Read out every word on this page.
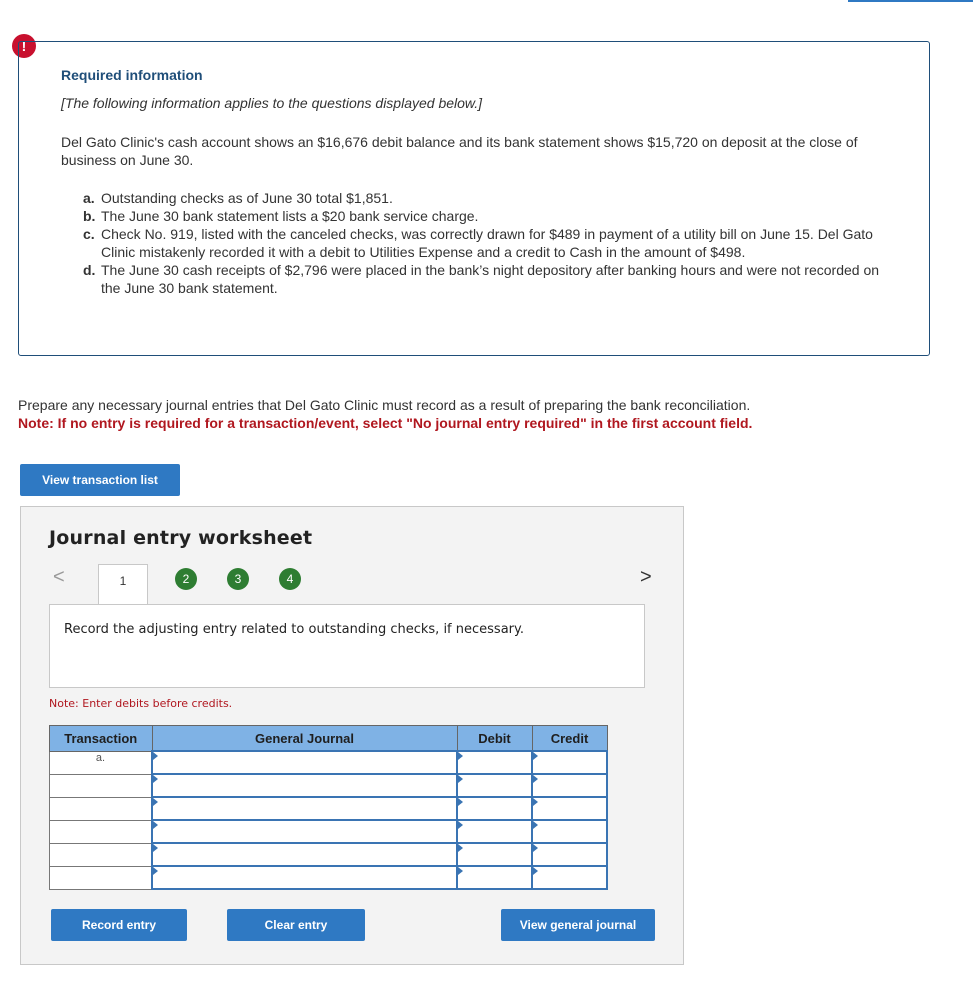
!
Required information
[The following information applies to the questions displayed below.]
Del Gato Clinic's cash account shows an $16,676 debit balance and its bank statement shows $15,720 on deposit at the close of business on June 30.
a. Outstanding checks as of June 30 total $1,851.
b. The June 30 bank statement lists a $20 bank service charge.
c. Check No. 919, listed with the canceled checks, was correctly drawn for $489 in payment of a utility bill on June 15. Del Gato Clinic mistakenly recorded it with a debit to Utilities Expense and a credit to Cash in the amount of $498.
d. The June 30 cash receipts of $2,796 were placed in the bank’s night depository after banking hours and were not recorded on the June 30 bank statement.
Prepare any necessary journal entries that Del Gato Clinic must record as a result of preparing the bank reconciliation.
Note: If no entry is required for a transaction/event, select "No journal entry required" in the first account field.
View transaction list
Journal entry worksheet
<	1	2	3	4	>
Record the adjusting entry related to outstanding checks, if necessary.
Note: Enter debits before credits.
Transaction	General Journal	Debit	Credit
a.	

Record entry	Clear entry	View general journal
